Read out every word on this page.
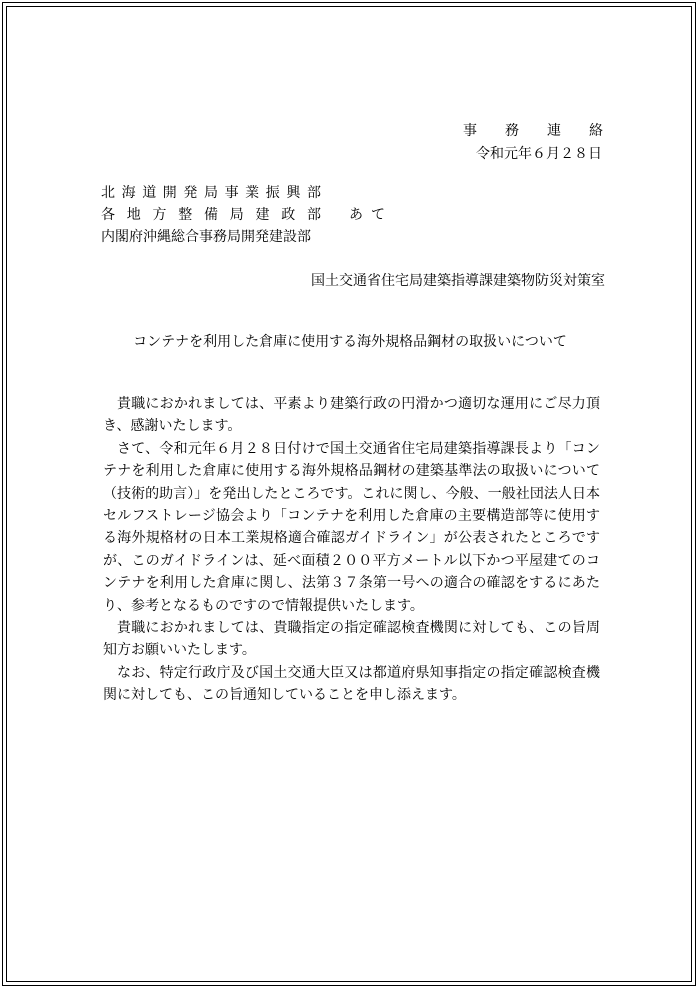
事 務 連 絡
令和元年６月２８日
北 海 道 開 発 局 事 業 振 興 部
各 地 方 整 備 局 建 政 部 あて
内閣府沖縄総合事務局開発建設部
国土交通省住宅局建築指導課建築物防災対策室
コンテナを利用した倉庫に使用する海外規格品鋼材の取扱いについて

貴職におかれましては、平素より建築行政の円滑かつ適切な運用にご尽力頂き、感謝いたします。

さて、令和元年６月２８日付けで国土交通省住宅局建築指導課長より「コンテナを利用した倉庫に使用する海外規格品鋼材の建築基準法の取扱いについて（技術的助言）」を発出したところです。これに関し、今般、一般社団法人日本セルフストレージ協会より「コンテナを利用した倉庫の主要構造部等に使用する海外規格材の日本工業規格適合確認ガイドライン」が公表されたところですが、このガイドラインは、延べ面積２００平方メートル以下かつ平屋建てのコンテナを利用した倉庫に関し、法第３７条第一号への適合の確認をするにあたり、参考となるものですので情報提供いたします。

貴職におかれましては、貴職指定の指定確認検査機関に対しても、この旨周知方お願いいたします。

なお、特定行政庁及び国土交通大臣又は都道府県知事指定の指定確認検査機関に対しても、この旨通知していることを申し添えます。
